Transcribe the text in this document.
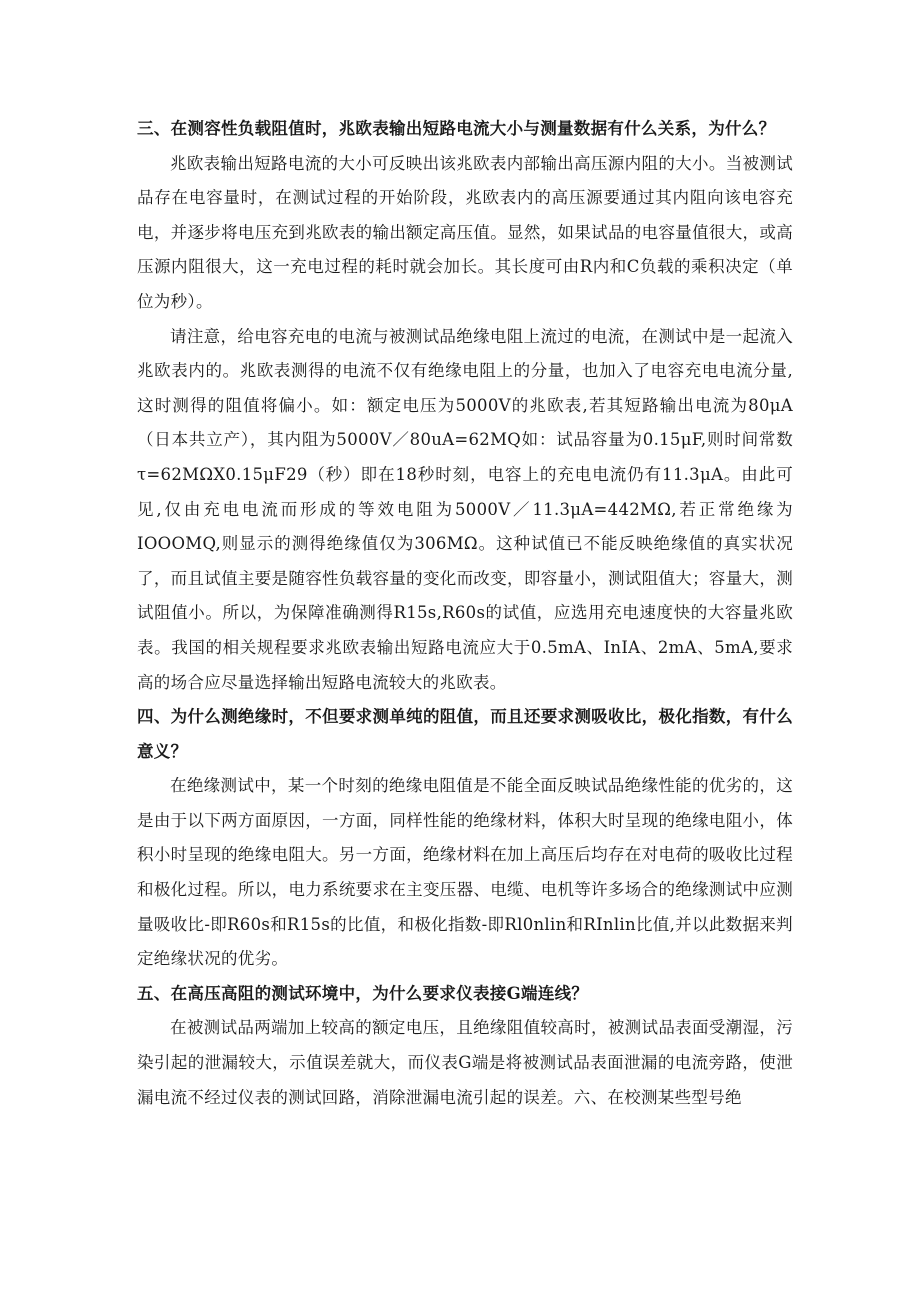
三、在测容性负载阻值时，兆欧表输出短路电流大小与测量数据有什么关系，为什么？

兆欧表输出短路电流的大小可反映出该兆欧表内部输出高压源内阻的大小。当被测试品存在电容量时，在测试过程的开始阶段，兆欧表内的高压源要通过其内阻向该电容充电，并逐步将电压充到兆欧表的输出额定高压值。显然，如果试品的电容量值很大，或高压源内阻很大，这一充电过程的耗时就会加长。其长度可由R内和C负载的乘积决定（单位为秒）。

请注意，给电容充电的电流与被测试品绝缘电阻上流过的电流，在测试中是一起流入兆欧表内的。兆欧表测得的电流不仅有绝缘电阻上的分量，也加入了电容充电电流分量,这时测得的阻值将偏小。如：额定电压为5000V的兆欧表,若其短路输出电流为80μA（日本共立产），其内阻为5000V／80uA=62MQ如：试品容量为0.15μF,则时间常数τ=62MΩX0.15μF29（秒）即在18秒时刻，电容上的充电电流仍有11.3μA。由此可见,仅由充电电流而形成的等效电阻为5000V／11.3μA=442MΩ,若正常绝缘为IOOOMQ,则显示的测得绝缘值仅为306MΩ。这种试值已不能反映绝缘值的真实状况了，而且试值主要是随容性负载容量的变化而改变，即容量小，测试阻值大；容量大，测试阻值小。所以，为保障准确测得R15s,R60s的试值，应选用充电速度快的大容量兆欧表。我国的相关规程要求兆欧表输出短路电流应大于0.5mA、InIA、2mA、5mA,要求高的场合应尽量选择输出短路电流较大的兆欧表。

四、为什么测绝缘时，不但要求测单纯的阻值，而且还要求测吸收比，极化指数，有什么意义？

在绝缘测试中，某一个时刻的绝缘电阻值是不能全面反映试品绝缘性能的优劣的，这是由于以下两方面原因，一方面，同样性能的绝缘材料，体积大时呈现的绝缘电阻小，体积小时呈现的绝缘电阻大。另一方面，绝缘材料在加上高压后均存在对电荷的吸收比过程和极化过程。所以，电力系统要求在主变压器、电缆、电机等许多场合的绝缘测试中应测量吸收比-即R60s和R15s的比值，和极化指数-即Rl0nlin和RInlin比值,并以此数据来判定绝缘状况的优劣。

五、在高压高阻的测试环境中，为什么要求仪表接G端连线？

在被测试品两端加上较高的额定电压，且绝缘阻值较高时，被测试品表面受潮湿，污染引起的泄漏较大，示值误差就大，而仪表G端是将被测试品表面泄漏的电流旁路，使泄漏电流不经过仪表的测试回路，消除泄漏电流引起的误差。六、在校测某些型号绝
